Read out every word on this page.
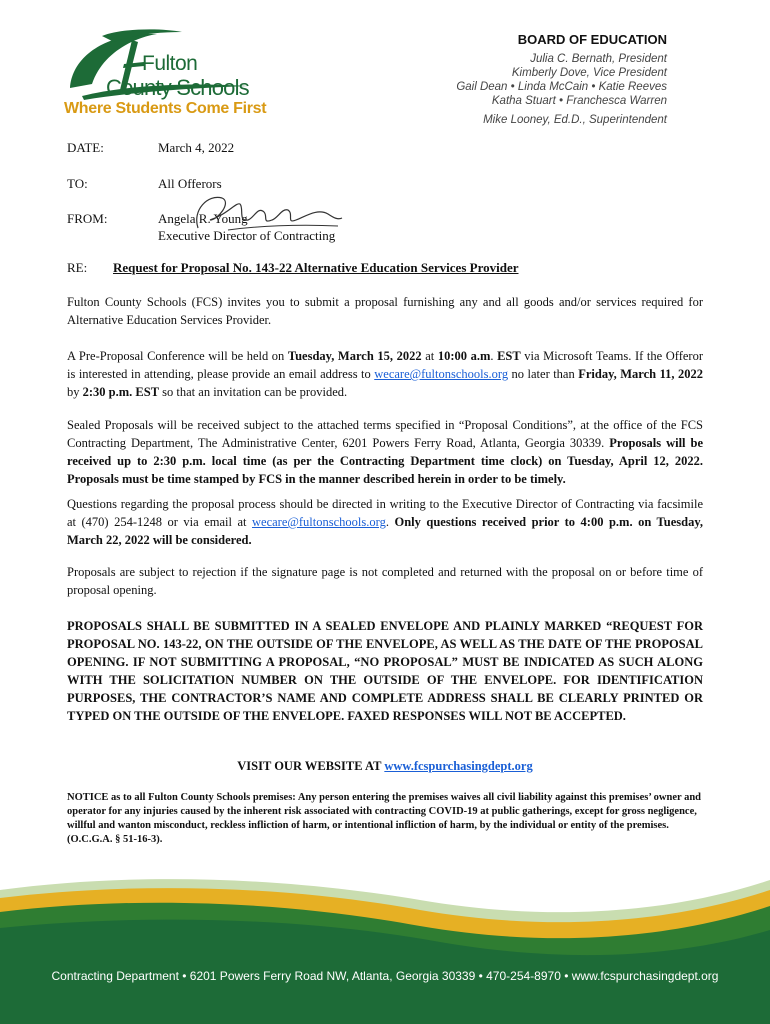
Fulton
County Schools
Where Students Come First
BOARD OF EDUCATION
Julia C. Bernath, President
Kimberly Dove, Vice President
Gail Dean • Linda McCain • Katie Reeves
Katha Stuart • Franchesca Warren
Mike Looney, Ed.D., Superintendent
DATE:	March 4, 2022
TO:	All Offerors
FROM:	Angela R. Young
Executive Director of Contracting
RE: Request for Proposal No. 143-22 Alternative Education Services Provider
Fulton County Schools (FCS) invites you to submit a proposal furnishing any and all goods and/or services required for Alternative Education Services Provider.
A Pre-Proposal Conference will be held on Tuesday, March 15, 2022 at 10:00 a.m. EST via Microsoft Teams. If the Offeror is interested in attending, please provide an email address to wecare@fultonschools.org no later than Friday, March 11, 2022 by 2:30 p.m. EST so that an invitation can be provided.
Sealed Proposals will be received subject to the attached terms specified in “Proposal Conditions”, at the office of the FCS Contracting Department, The Administrative Center, 6201 Powers Ferry Road, Atlanta, Georgia 30339. Proposals will be received up to 2:30 p.m. local time (as per the Contracting Department time clock) on Tuesday, April 12, 2022. Proposals must be time stamped by FCS in the manner described herein in order to be timely.
Questions regarding the proposal process should be directed in writing to the Executive Director of Contracting via facsimile at (470) 254-1248 or via email at wecare@fultonschools.org. Only questions received prior to 4:00 p.m. on Tuesday, March 22, 2022 will be considered.
Proposals are subject to rejection if the signature page is not completed and returned with the proposal on or before time of proposal opening.
PROPOSALS SHALL BE SUBMITTED IN A SEALED ENVELOPE AND PLAINLY MARKED “REQUEST FOR PROPOSAL NO. 143-22, ON THE OUTSIDE OF THE ENVELOPE, AS WELL AS THE DATE OF THE PROPOSAL OPENING. IF NOT SUBMITTING A PROPOSAL, “NO PROPOSAL” MUST BE INDICATED AS SUCH ALONG WITH THE SOLICITATION NUMBER ON THE OUTSIDE OF THE ENVELOPE. FOR IDENTIFICATION PURPOSES, THE CONTRACTOR’S NAME AND COMPLETE ADDRESS SHALL BE CLEARLY PRINTED OR TYPED ON THE OUTSIDE OF THE ENVELOPE. FAXED RESPONSES WILL NOT BE ACCEPTED.
VISIT OUR WEBSITE AT www.fcspurchasingdept.org
NOTICE as to all Fulton County Schools premises: Any person entering the premises waives all civil liability against this premises’ owner and operator for any injuries caused by the inherent risk associated with contracting COVID-19 at public gatherings, except for gross negligence, willful and wanton misconduct, reckless infliction of harm, or intentional infliction of harm, by the individual or entity of the premises. (O.C.G.A. § 51-16-3).
Contracting Department • 6201 Powers Ferry Road NW, Atlanta, Georgia 30339 • 470-254-8970 • www.fcspurchasingdept.org
